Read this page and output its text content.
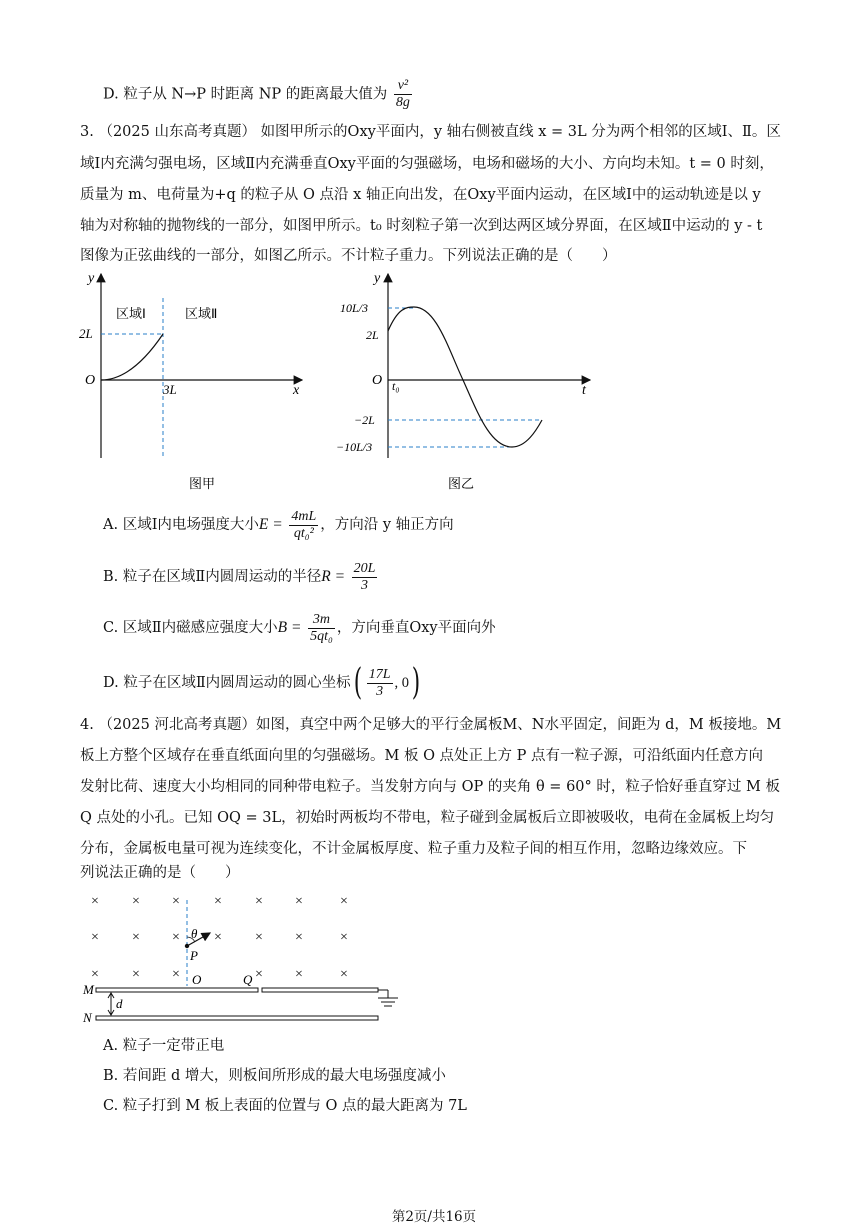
D. 粒子从 N→P 时距离 NP 的距离最大值为 $\frac{\text{v²}}{8g}$
3. （2025 山东高考真题） 如图甲所示的Oxy平面内，y 轴右侧被直线 x = 3L 分为两个相邻的区域Ⅰ、Ⅱ。区
域Ⅰ内充满匀强电场，区域Ⅱ内充满垂直Oxy平面的匀强磁场，电场和磁场的大小、方向均未知。t = 0 时刻，
质量为 m、电荷量为+q 的粒子从 O 点沿 x 轴正向出发，在Oxy平面内运动，在区域Ⅰ中的运动轨迹是以 y
轴为对称轴的抛物线的一部分，如图甲所示。t₀ 时刻粒子第一次到达两区域分界面，在区域Ⅱ中运动的 y - t
图像为正弦曲线的一部分，如图乙所示。不计粒子重力。下列说法正确的是（　　）
y
x
O
区域Ⅰ	区域Ⅱ
2L
3L
图甲
y
t
O t₀
10L/3
2L
−2L
−10L/3
图乙
A. 区域Ⅰ内电场强度大小$E = \frac{4mL}{\text{qt₀²}}$ ，方向沿 y 轴正方向
B. 粒子在区域Ⅱ内圆周运动的半径$R = \frac{20L}{3}$
C. 区域Ⅱ内磁感应强度大小$B = \frac{3m}{\text{5qt₀}}$ ，方向垂直Oxy平面向外
D. 粒子在区域Ⅱ内圆周运动的圆心坐标( $\frac{17L}{3}$ , 0)
4. （2025 河北高考真题）如图，真空中两个足够大的平行金属板M、N水平固定，间距为 d，M 板接地。M
板上方整个区域存在垂直纸面向里的匀强磁场。M 板 O 点处正上方 P 点有一粒子源，可沿纸面内任意方向
发射比荷、速度大小均相同的同种带电粒子。当发射方向与 OP 的夹角 θ = 60° 时，粒子恰好垂直穿过 M 板
Q 点处的小孔。已知 OQ = 3L，初始时两板均不带电，粒子碰到金属板后立即被吸收，电荷在金属板上均匀
分布，金属板电量可视为连续变化，不计金属板厚度、粒子重力及粒子间的相互作用，忽略边缘效应。下
列说法正确的是（　　）
× × × × × ×	×
× × × × × ×	×
× × ×	× ×	×
θ
P
O	Q
M
N
d
A. 粒子一定带正电
B. 若间距 d 增大，则板间所形成的最大电场强度减小
C. 粒子打到 M 板上表面的位置与 O 点的最大距离为 7L
第2页/共16页
